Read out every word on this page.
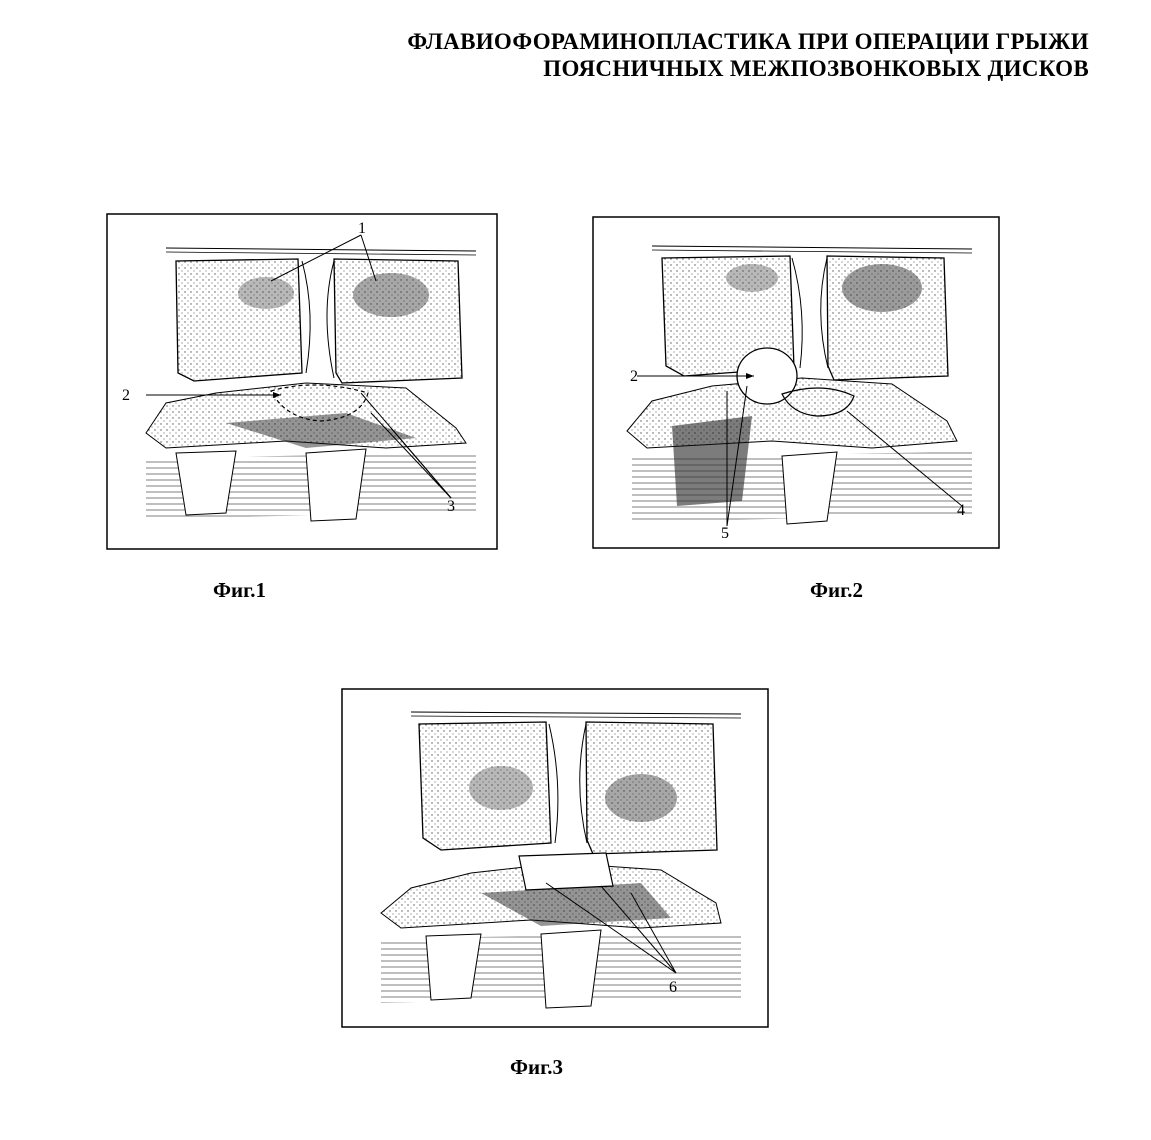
ФЛАВИОФОРАМИНОПЛАСТИКА ПРИ ОПЕРАЦИИ ГРЫЖИ
ПОЯСНИЧНЫХ МЕЖПОЗВОНКОВЫХ ДИСКОВ
1
2
3
Фиг.1
2
4
5
Фиг.2
6
Фиг.3
